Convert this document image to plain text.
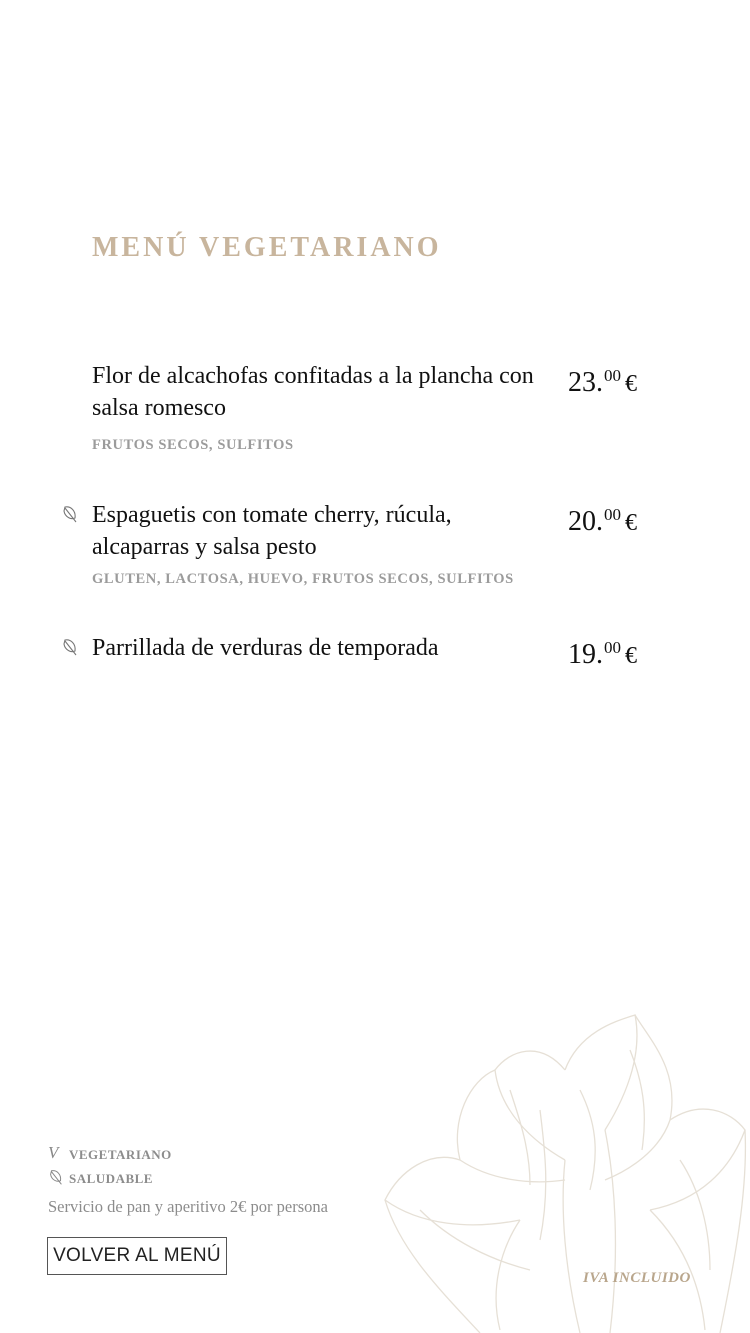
MENÚ VEGETARIANO
Flor de alcachofas confitadas a la plancha con salsa romesco
23.00 €
FRUTOS SECOS, SULFITOS
Espaguetis con tomate cherry, rúcula, alcaparras y salsa pesto
20.00 €
GLUTEN, LACTOSA, HUEVO, FRUTOS SECOS, SULFITOS
Parrillada de verduras de temporada	19.00 €
V VEGETARIANO
SALUDABLE
Servicio de pan y aperitivo 2€ por persona
VOLVER AL MENÚ
IVA INCLUIDO
